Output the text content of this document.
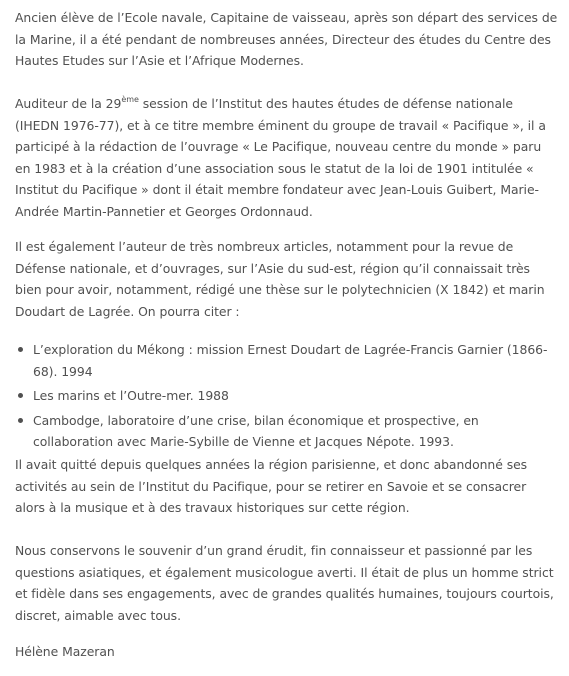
Ancien élève de l’Ecole navale, Capitaine de vaisseau, après son départ des services de la Marine, il a été pendant de nombreuses années, Directeur des études du Centre des Hautes Etudes sur l’Asie et l’Afrique Modernes.

Auditeur de la 29ème session de l’Institut des hautes études de défense nationale (IHEDN 1976-77), et à ce titre membre éminent du groupe de travail « Pacifique », il a participé à la rédaction de l’ouvrage « Le Pacifique, nouveau centre du monde » paru en 1983 et à la création d’une association sous le statut de la loi de 1901 intitulée « Institut du Pacifique » dont il était membre fondateur avec Jean-Louis Guibert, Marie-Andrée Martin-Pannetier et Georges Ordonnaud.

Il est également l’auteur de très nombreux articles, notamment pour la revue de Défense nationale, et d’ouvrages, sur l’Asie du sud-est, région qu’il connaissait très bien pour avoir, notamment, rédigé une thèse sur le polytechnicien (X 1842) et marin Doudart de Lagrée. On pourra citer :

L’exploration du Mékong : mission Ernest Doudart de Lagrée-Francis Garnier (1866-68). 1994
Les marins et l’Outre-mer. 1988
Cambodge, laboratoire d’une crise, bilan économique et prospective, en collaboration avec Marie-Sybille de Vienne et Jacques Népote. 1993.

Il avait quitté depuis quelques années la région parisienne, et donc abandonné ses activités au sein de l’Institut du Pacifique, pour se retirer en Savoie et se consacrer alors à la musique et à des travaux historiques sur cette région.

Nous conservons le souvenir d’un grand érudit, fin connaisseur et passionné par les questions asiatiques, et également musicologue averti. Il était de plus un homme strict et fidèle dans ses engagements, avec de grandes qualités humaines, toujours courtois, discret, aimable avec tous.

Hélène Mazeran
